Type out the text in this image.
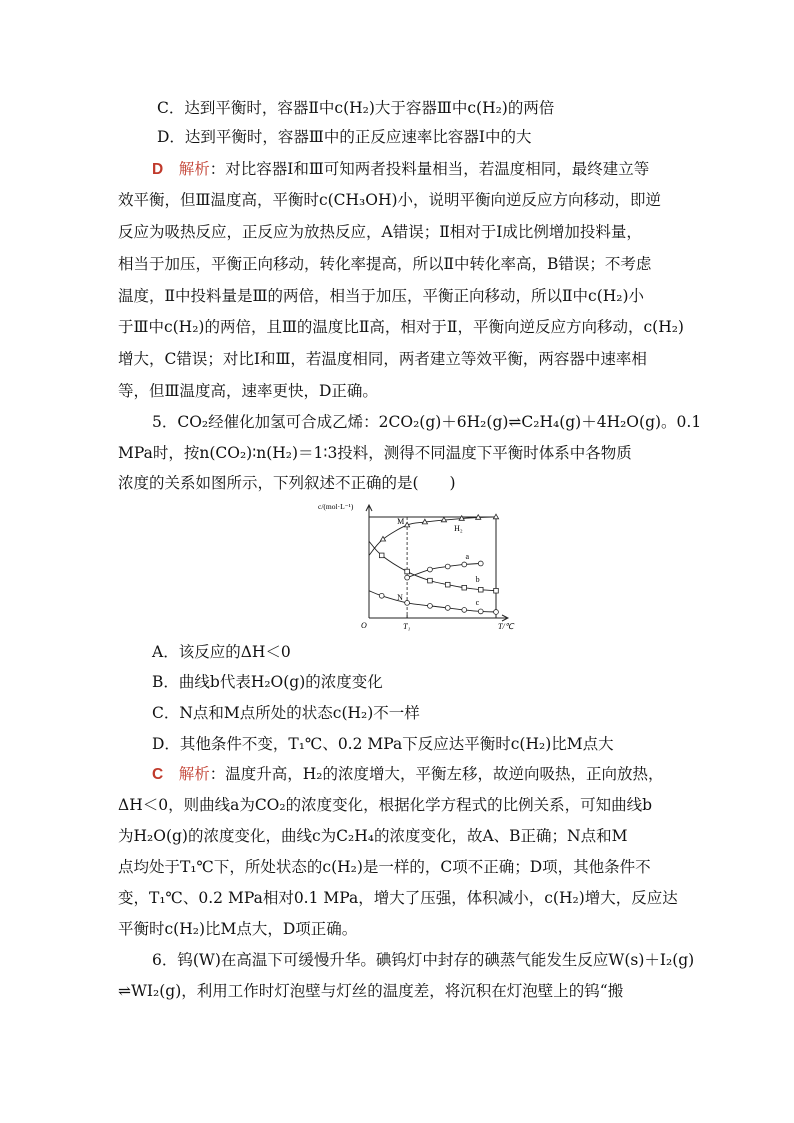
C．达到平衡时，容器Ⅱ中c(H₂)大于容器Ⅲ中c(H₂)的两倍
D．达到平衡时，容器Ⅲ中的正反应速率比容器Ⅰ中的大
D　 解析：对比容器Ⅰ和Ⅲ可知两者投料量相当，若温度相同，最终建立等
效平衡，但Ⅲ温度高，平衡时c(CH₃OH)小，说明平衡向逆反应方向移动，即逆
反应为吸热反应，正反应为放热反应，A错误；Ⅱ相对于Ⅰ成比例增加投料量，
相当于加压，平衡正向移动，转化率提高，所以Ⅱ中转化率高，B错误；不考虑
温度，Ⅱ中投料量是Ⅲ的两倍，相当于加压，平衡正向移动，所以Ⅱ中c(H₂)小
于Ⅲ中c(H₂)的两倍，且Ⅲ的温度比Ⅱ高，相对于Ⅱ，平衡向逆反应方向移动，c(H₂)
增大，C错误；对比Ⅰ和Ⅲ，若温度相同，两者建立等效平衡，两容器中速率相
等，但Ⅲ温度高，速率更快，D正确。
5．CO₂经催化加氢可合成乙烯：2CO₂(g)＋6H₂(g)⇌C₂H₄(g)＋4H₂O(g)。0.1
MPa时，按n(CO₂)∶n(H₂)＝1∶3投料，测得不同温度下平衡时体系中各物质
浓度的关系如图所示，下列叙述不正确的是(　　)
A．该反应的ΔH＜0
B．曲线b代表H₂O(g)的浓度变化
C．N点和M点所处的状态c(H₂)不一样
D．其他条件不变，T₁℃、0.2 MPa下反应达平衡时c(H₂)比M点大
C　 解析：温度升高，H₂的浓度增大，平衡左移，故逆向吸热，正向放热，
ΔH＜0，则曲线a为CO₂的浓度变化，根据化学方程式的比例关系，可知曲线b
为H₂O(g)的浓度变化，曲线c为C₂H₄的浓度变化，故A、B正确；N点和M
点均处于T₁℃下，所处状态的c(H₂)是一样的，C项不正确；D项，其他条件不
变，T₁℃、0.2 MPa相对0.1 MPa，增大了压强，体积减小，c(H₂)增大，反应达
平衡时c(H₂)比M点大，D项正确。
6．钨(W)在高温下可缓慢升华。碘钨灯中封存的碘蒸气能发生反应W(s)＋I₂(g)
⇌WI₂(g)，利用工作时灯泡壁与灯丝的温度差，将沉积在灯泡壁上的钨“搬
c/(mol·L⁻¹)
T/℃
O	T₁
H₂
a
b
c
M
N
